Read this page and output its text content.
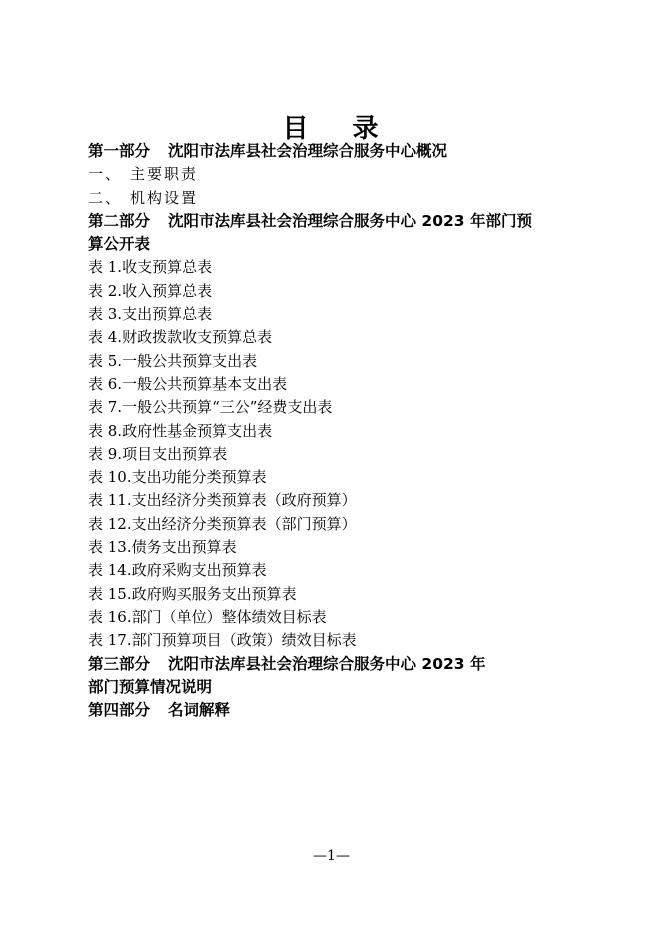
目 录
第一部分 沈阳市法库县社会治理综合服务中心概况
一、 主要职责
二、 机构设置
第二部分 沈阳市法库县社会治理综合服务中心 2023 年部门预
算公开表
表 1.收支预算总表
表 2.收入预算总表
表 3.支出预算总表
表 4.财政拨款收支预算总表
表 5.一般公共预算支出表
表 6.一般公共预算基本支出表
表 7.一般公共预算“三公”经费支出表
表 8.政府性基金预算支出表
表 9.项目支出预算表
表 10.支出功能分类预算表
表 11.支出经济分类预算表（政府预算）
表 12.支出经济分类预算表（部门预算）
表 13.债务支出预算表
表 14.政府采购支出预算表
表 15.政府购买服务支出预算表
表 16.部门（单位）整体绩效目标表
表 17.部门预算项目（政策）绩效目标表
第三部分 沈阳市法库县社会治理综合服务中心 2023 年
部门预算情况说明
第四部分 名词解释
—1—
